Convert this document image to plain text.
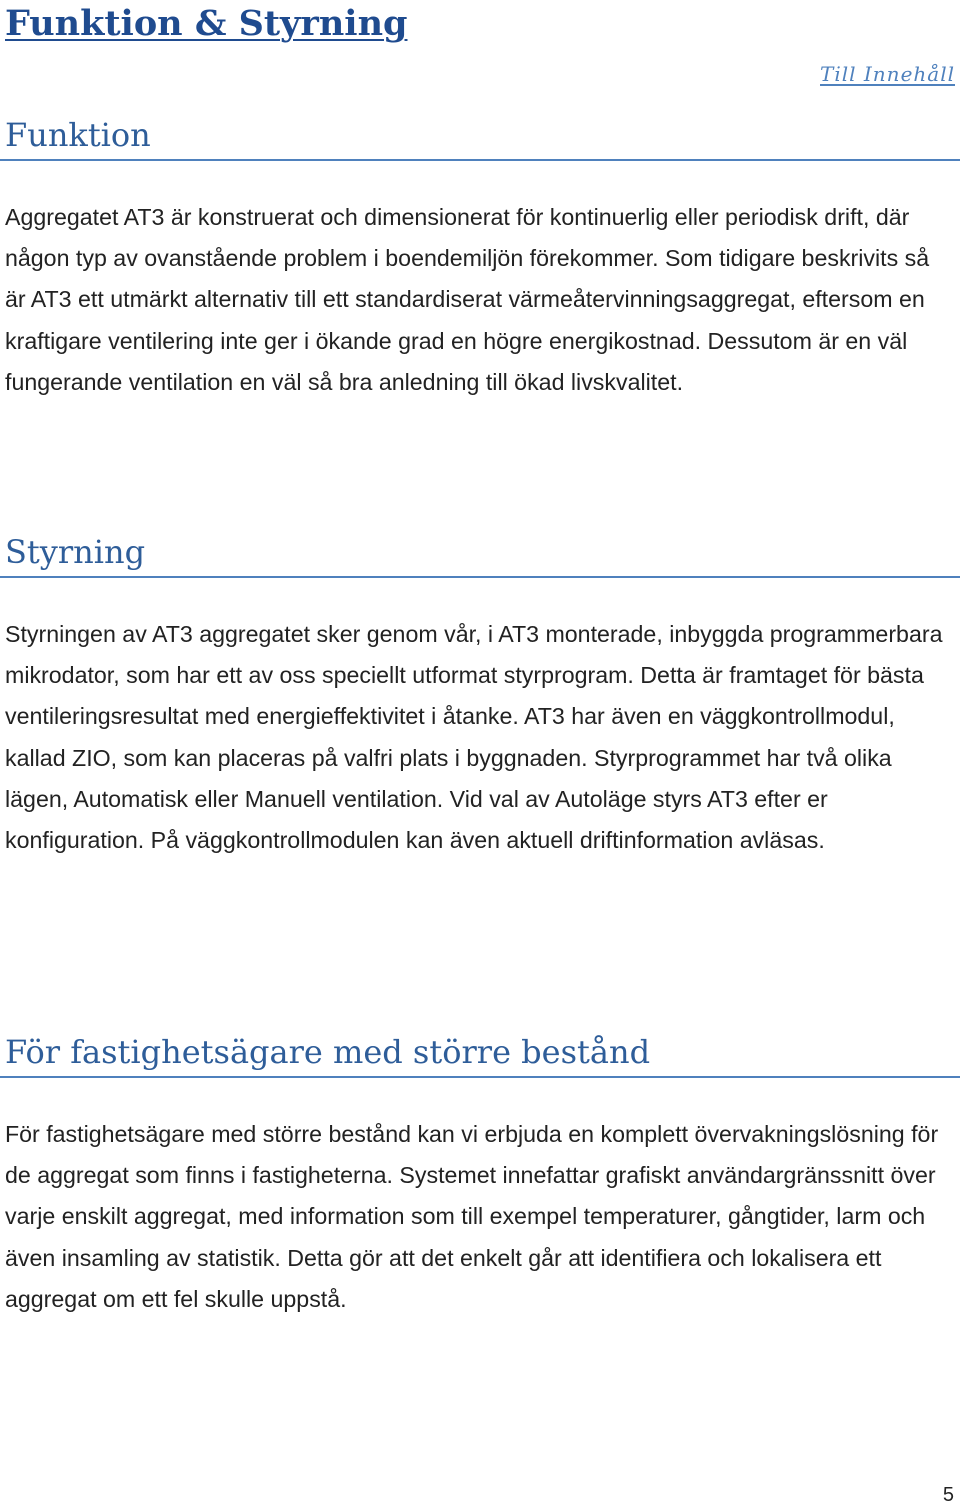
Funktion & Styrning
Till Innehåll
Funktion

Aggregatet AT3 är konstruerat och dimensionerat för kontinuerlig eller periodisk drift, där någon typ av ovanstående problem i boendemiljön förekommer. Som tidigare beskrivits så är AT3 ett utmärkt alternativ till ett standardiserat värmeåtervinningsaggregat, eftersom en kraftigare ventilering inte ger i ökande grad en högre energikostnad. Dessutom är en väl fungerande ventilation en väl så bra anledning till ökad livskvalitet.

Styrning

Styrningen av AT3 aggregatet sker genom vår, i AT3 monterade, inbyggda programmerbara mikrodator, som har ett av oss speciellt utformat styrprogram. Detta är framtaget för bästa ventileringsresultat med energieffektivitet i åtanke. AT3 har även en väggkontrollmodul, kallad ZIO, som kan placeras på valfri plats i byggnaden. Styrprogrammet har två olika lägen, Automatisk eller Manuell ventilation. Vid val av Autoläge styrs AT3 efter er konfiguration. På väggkontrollmodulen kan även aktuell driftinformation avläsas.

För fastighetsägare med större bestånd

För fastighetsägare med större bestånd kan vi erbjuda en komplett övervakningslösning för de aggregat som finns i fastigheterna. Systemet innefattar grafiskt användargränssnitt över varje enskilt aggregat, med information som till exempel temperaturer, gångtider, larm och även insamling av statistik. Detta gör att det enkelt går att identifiera och lokalisera ett aggregat om ett fel skulle uppstå.

5
